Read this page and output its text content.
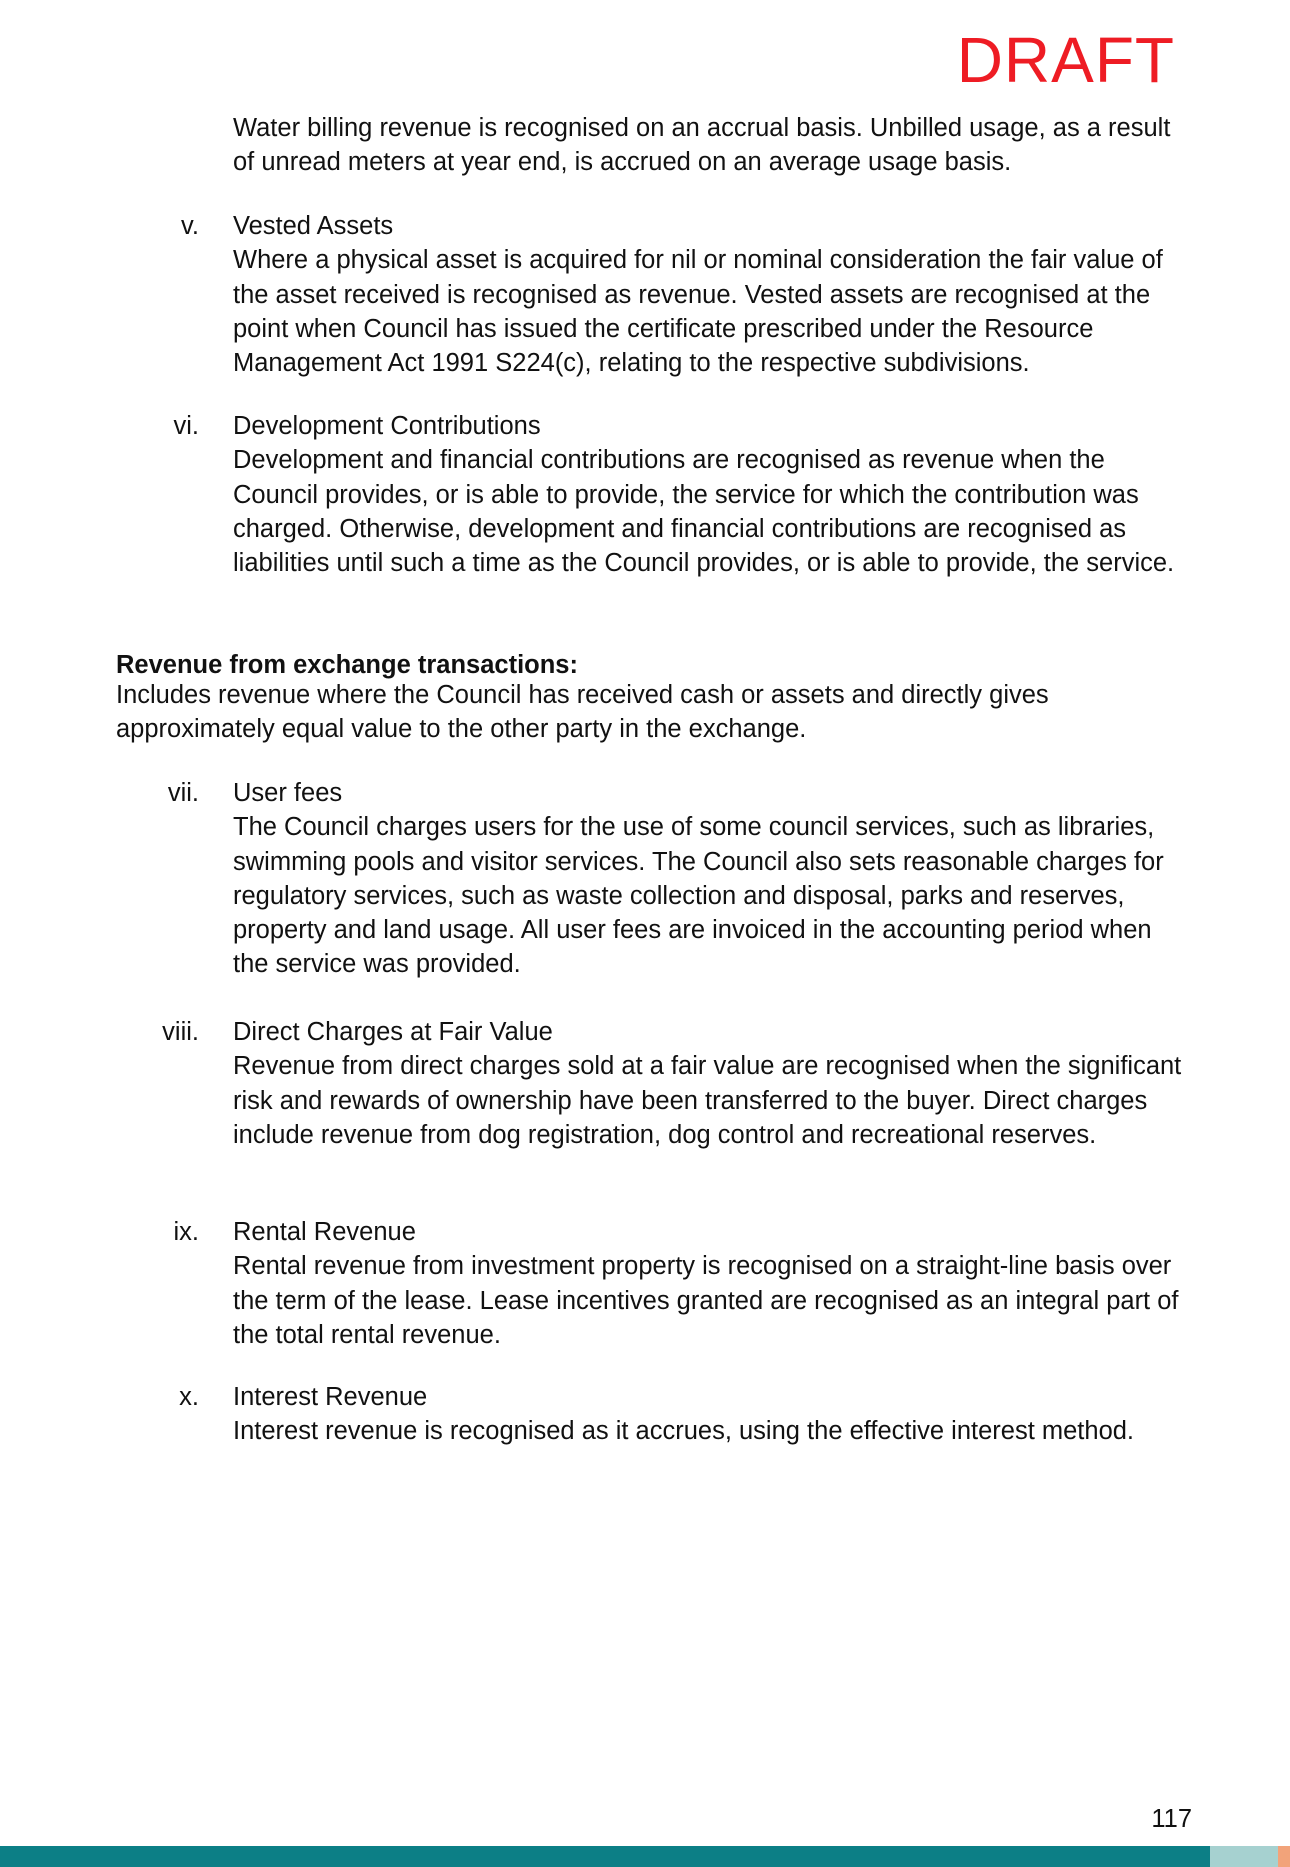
DRAFT
Water billing revenue is recognised on an accrual basis. Unbilled usage, as a result of unread meters at year end, is accrued on an average usage basis.
v. Vested Assets
Where a physical asset is acquired for nil or nominal consideration the fair value of the asset received is recognised as revenue. Vested assets are recognised at the point when Council has issued the certificate prescribed under the Resource Management Act 1991 S224(c), relating to the respective subdivisions.
vi. Development Contributions
Development and financial contributions are recognised as revenue when the Council provides, or is able to provide, the service for which the contribution was charged. Otherwise, development and financial contributions are recognised as liabilities until such a time as the Council provides, or is able to provide, the service.
Revenue from exchange transactions:
Includes revenue where the Council has received cash or assets and directly gives approximately equal value to the other party in the exchange.
vii. User fees
The Council charges users for the use of some council services, such as libraries, swimming pools and visitor services. The Council also sets reasonable charges for regulatory services, such as waste collection and disposal, parks and reserves, property and land usage. All user fees are invoiced in the accounting period when the service was provided.
viii. Direct Charges at Fair Value
Revenue from direct charges sold at a fair value are recognised when the significant risk and rewards of ownership have been transferred to the buyer. Direct charges include revenue from dog registration, dog control and recreational reserves.
ix. Rental Revenue
Rental revenue from investment property is recognised on a straight-line basis over the term of the lease. Lease incentives granted are recognised as an integral part of the total rental revenue.
x. Interest Revenue
Interest revenue is recognised as it accrues, using the effective interest method.
117
